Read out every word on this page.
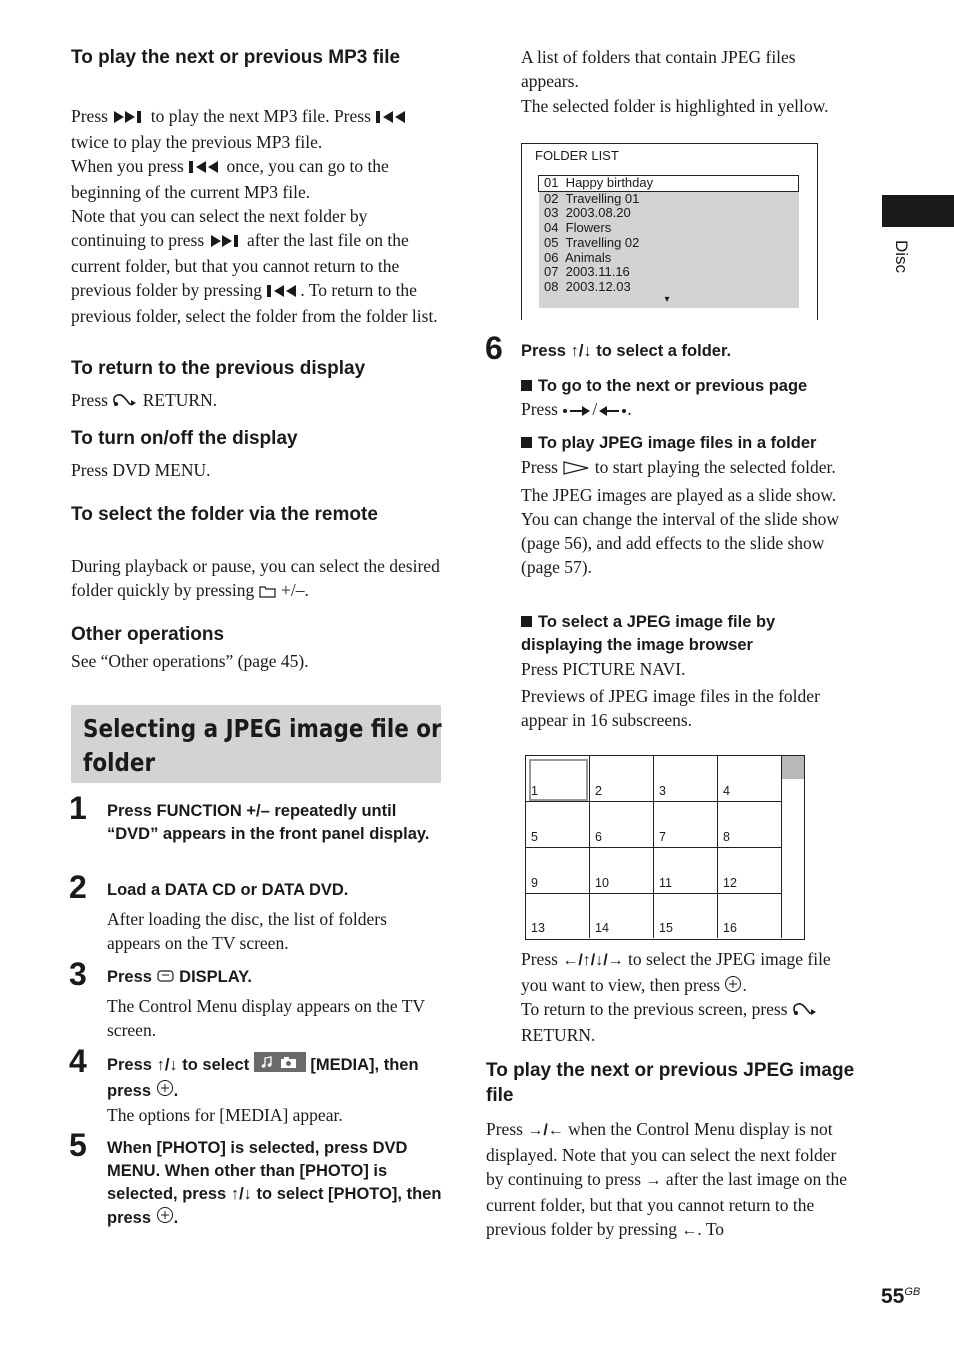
To play the next or previous MP3 file
Press to play the next MP3 file. Press  twice to play the previous MP3 file.
When you press once, you can go to the beginning of the current MP3 file.
Note that you can select the next folder by continuing to press after the last file on the current folder, but that you cannot return to the previous folder by pressing . To return to the previous folder, select the folder from the folder list.
To return to the previous display
Press RETURN.
To turn on/off the display
Press DVD MENU.
To select the folder via the remote
During playback or pause, you can select the desired folder quickly by pressing +/–.
Other operations
See “Other operations” (page 45).
Selecting a JPEG image file or
folder
1 Press FUNCTION +/– repeatedly until “DVD” appears in the front panel display.
2 Load a DATA CD or DATA DVD.
After loading the disc, the list of folders appears on the TV screen.
3 Press DISPLAY.
The Control Menu display appears on the TV screen.
4 Press ↑/↓ to select	[MEDIA], then press .
The options for [MEDIA] appear.
5 When [PHOTO] is selected, press DVD MENU. When other than [PHOTO] is selected, press ↑/↓ to select [PHOTO], then press .
A list of folders that contain JPEG files appears.
The selected folder is highlighted in yellow.
FOLDER LIST
01  Happy birthday
02  Travelling 01
03  2003.08.20
04  Flowers
05  Travelling 02
06  Animals
07  2003.11.16
08  2003.12.03
▾
6 Press ↑/↓ to select a folder.
To go to the next or previous page
Press / .
To play JPEG image files in a folder
Press to start playing the selected folder.
The JPEG images are played as a slide show. You can change the interval of the slide show (page 56), and add effects to the slide show (page 57).
To select a JPEG image file by
displaying the image browser
Press PICTURE NAVI.
Previews of JPEG image files in the folder appear in 16 subscreens.
1	2	3	4
5	6	7	8
9	10	11	12
13	14	15	16
Press ←/↑/↓/→ to select the JPEG image file you want to view, then press .
To return to the previous screen, press  RETURN.
To play the next or previous JPEG image file
Press →/← when the Control Menu display is not displayed. Note that you can select the next folder by continuing to press → after the last image on the current folder, but that you cannot return to the previous folder by pressing ←. To
Disc
$55^{GB}$
